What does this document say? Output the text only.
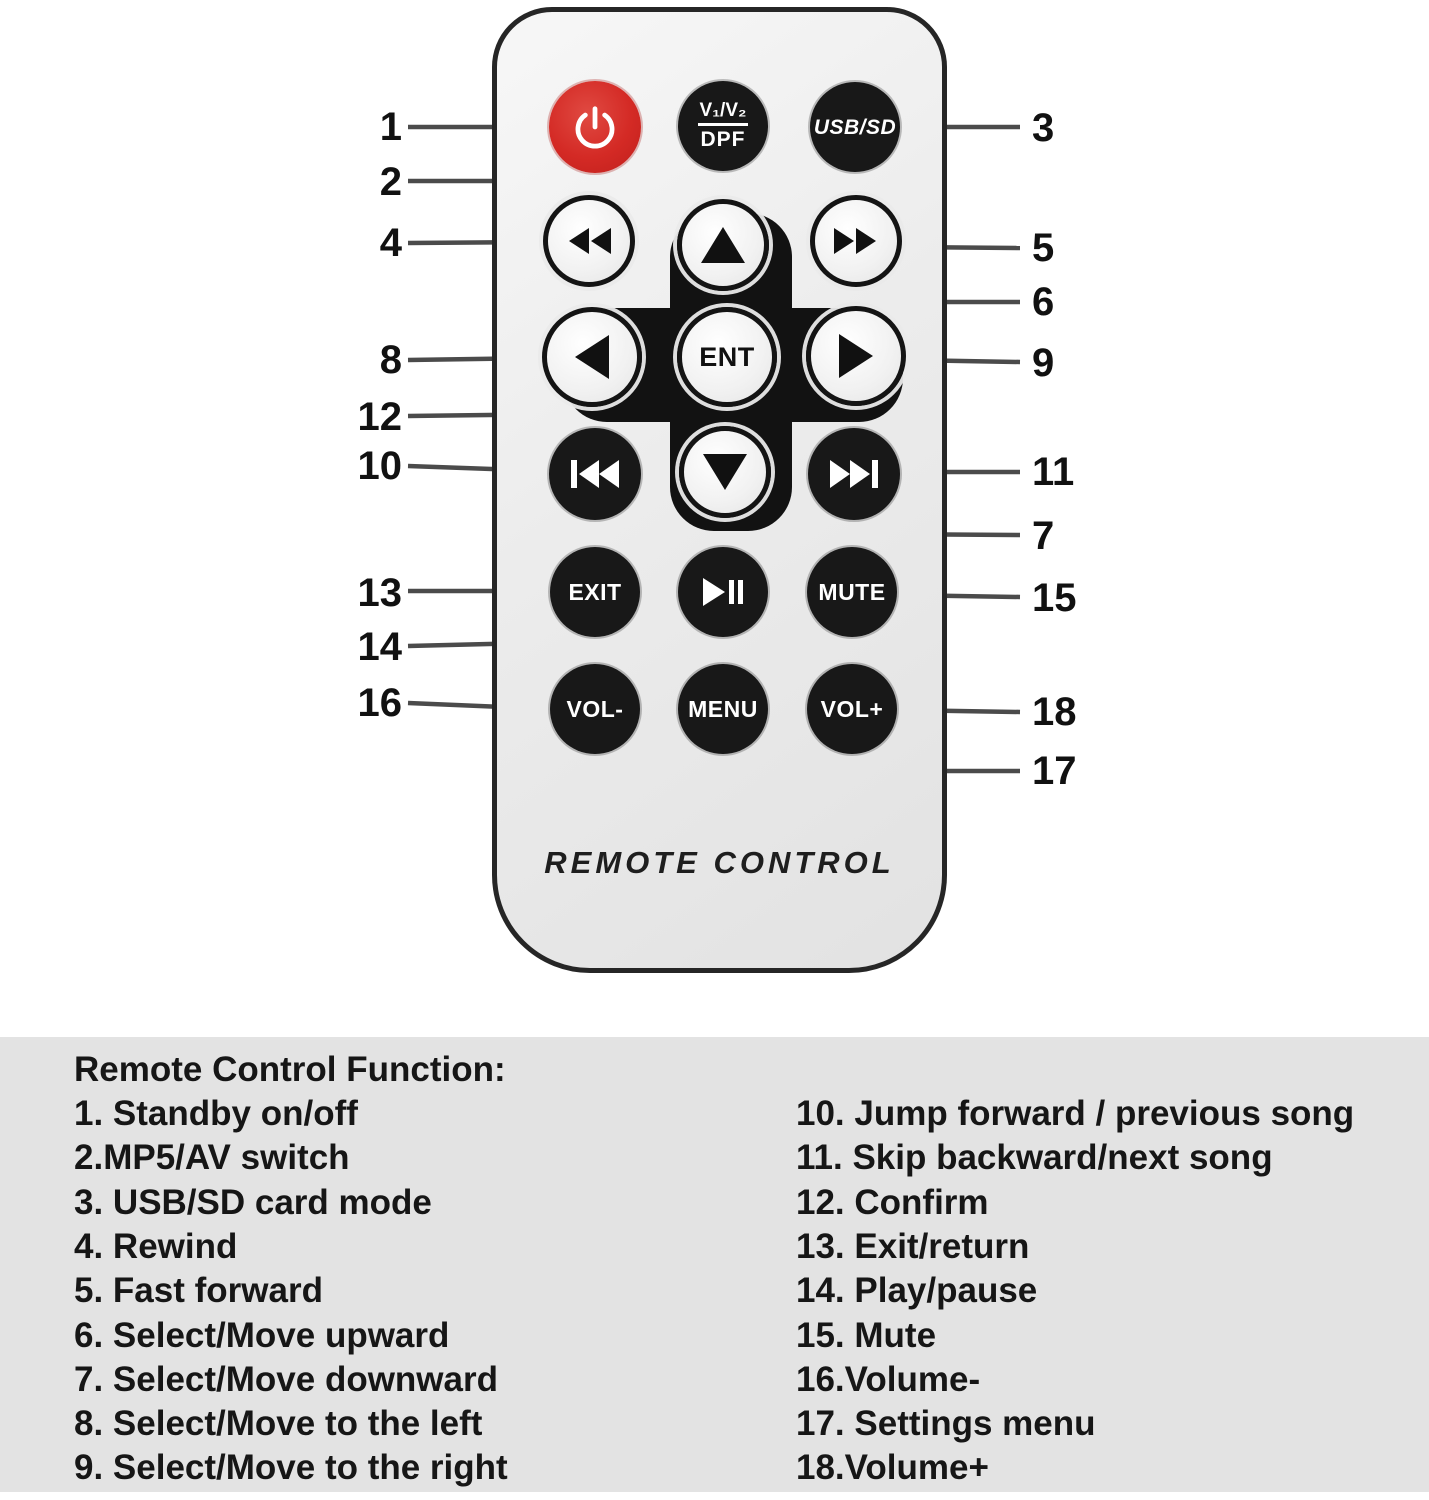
1
2
4
8
12
10
13
14
16
3
5
6
9
11
7
15
18
17
V₁/V₂
DPF
USB/SD
ENT
EXIT	MUTE
VOL-	MENU	VOL+
REMOTE CONTROL
Remote Control Function:
1. Standby on/off
2.MP5/AV switch
3. USB/SD card mode
4. Rewind
5. Fast forward
6. Select/Move upward
7. Select/Move downward
8. Select/Move to the left
9. Select/Move to the right
10. Jump forward / previous song
11. Skip backward/next song
12. Confirm
13. Exit/return
14. Play/pause
15. Mute
16.Volume-
17. Settings menu
18.Volume+
